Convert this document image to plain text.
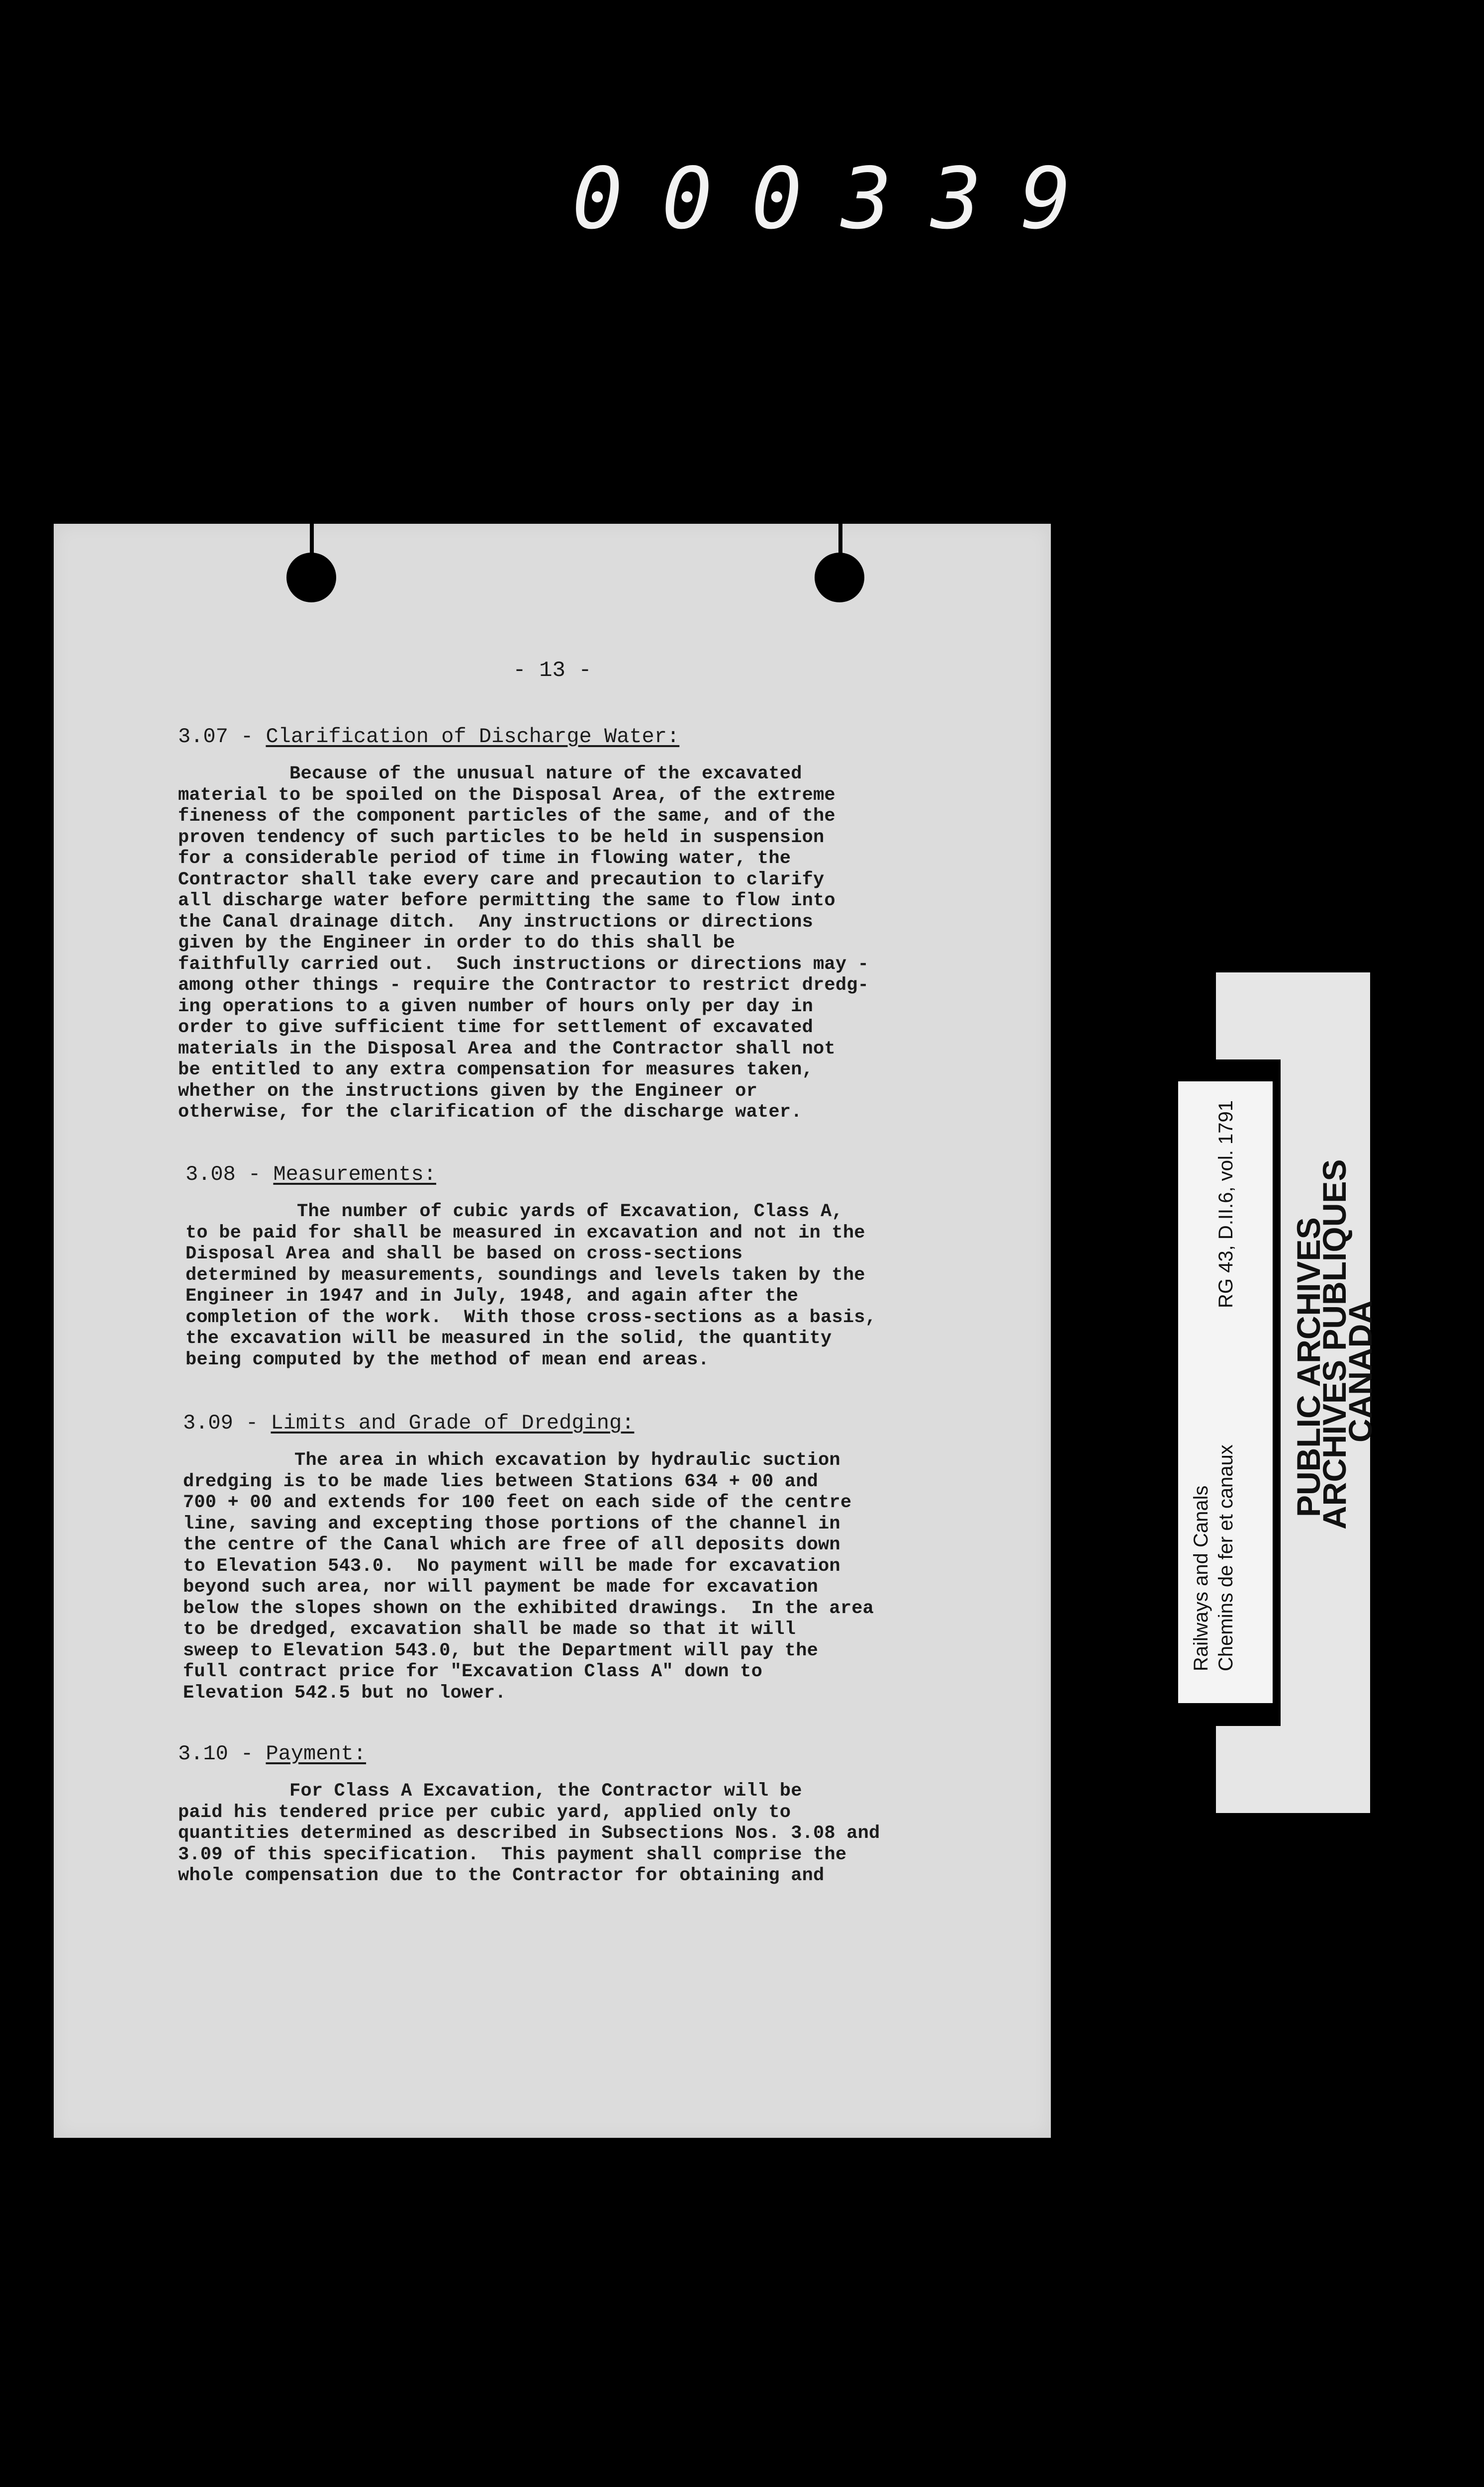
000339
- 13 -
3.07 - Clarification of Discharge Water:
Because of the unusual nature of the excavated
material to be spoiled on the Disposal Area, of the extreme
fineness of the component particles of the same, and of the
proven tendency of such particles to be held in suspension
for a considerable period of time in flowing water, the
Contractor shall take every care and precaution to clarify
all discharge water before permitting the same to flow into
the Canal drainage ditch.  Any instructions or directions
given by the Engineer in order to do this shall be
faithfully carried out.  Such instructions or directions may -
among other things - require the Contractor to restrict dredg-
ing operations to a given number of hours only per day in
order to give sufficient time for settlement of excavated
materials in the Disposal Area and the Contractor shall not
be entitled to any extra compensation for measures taken,
whether on the instructions given by the Engineer or
otherwise, for the clarification of the discharge water.
3.08 - Measurements:
The number of cubic yards of Excavation, Class A,
to be paid for shall be measured in excavation and not in the
Disposal Area and shall be based on cross-sections
determined by measurements, soundings and levels taken by the
Engineer in 1947 and in July, 1948, and again after the
completion of the work.  With those cross-sections as a basis,
the excavation will be measured in the solid, the quantity
being computed by the method of mean end areas.
3.09 - Limits and Grade of Dredging:
The area in which excavation by hydraulic suction
dredging is to be made lies between Stations 634 + 00 and
700 + 00 and extends for 100 feet on each side of the centre
line, saving and excepting those portions of the channel in
the centre of the Canal which are free of all deposits down
to Elevation 543.0.  No payment will be made for excavation
beyond such area, nor will payment be made for excavation
below the slopes shown on the exhibited drawings.  In the area
to be dredged, excavation shall be made so that it will
sweep to Elevation 543.0, but the Department will pay the
full contract price for "Excavation Class A" down to
Elevation 542.5 but no lower.
3.10 - Payment:
For Class A Excavation, the Contractor will be
paid his tendered price per cubic yard, applied only to
quantities determined as described in Subsections Nos. 3.08 and
3.09 of this specification.  This payment shall comprise the
whole compensation due to the Contractor for obtaining and
Railways and Canals Chemins de fer et canaux
RG 43, D.II.6, vol. 1791
PUBLIC ARCHIVES
ARCHIVES PUBLIQUES
CANADA
